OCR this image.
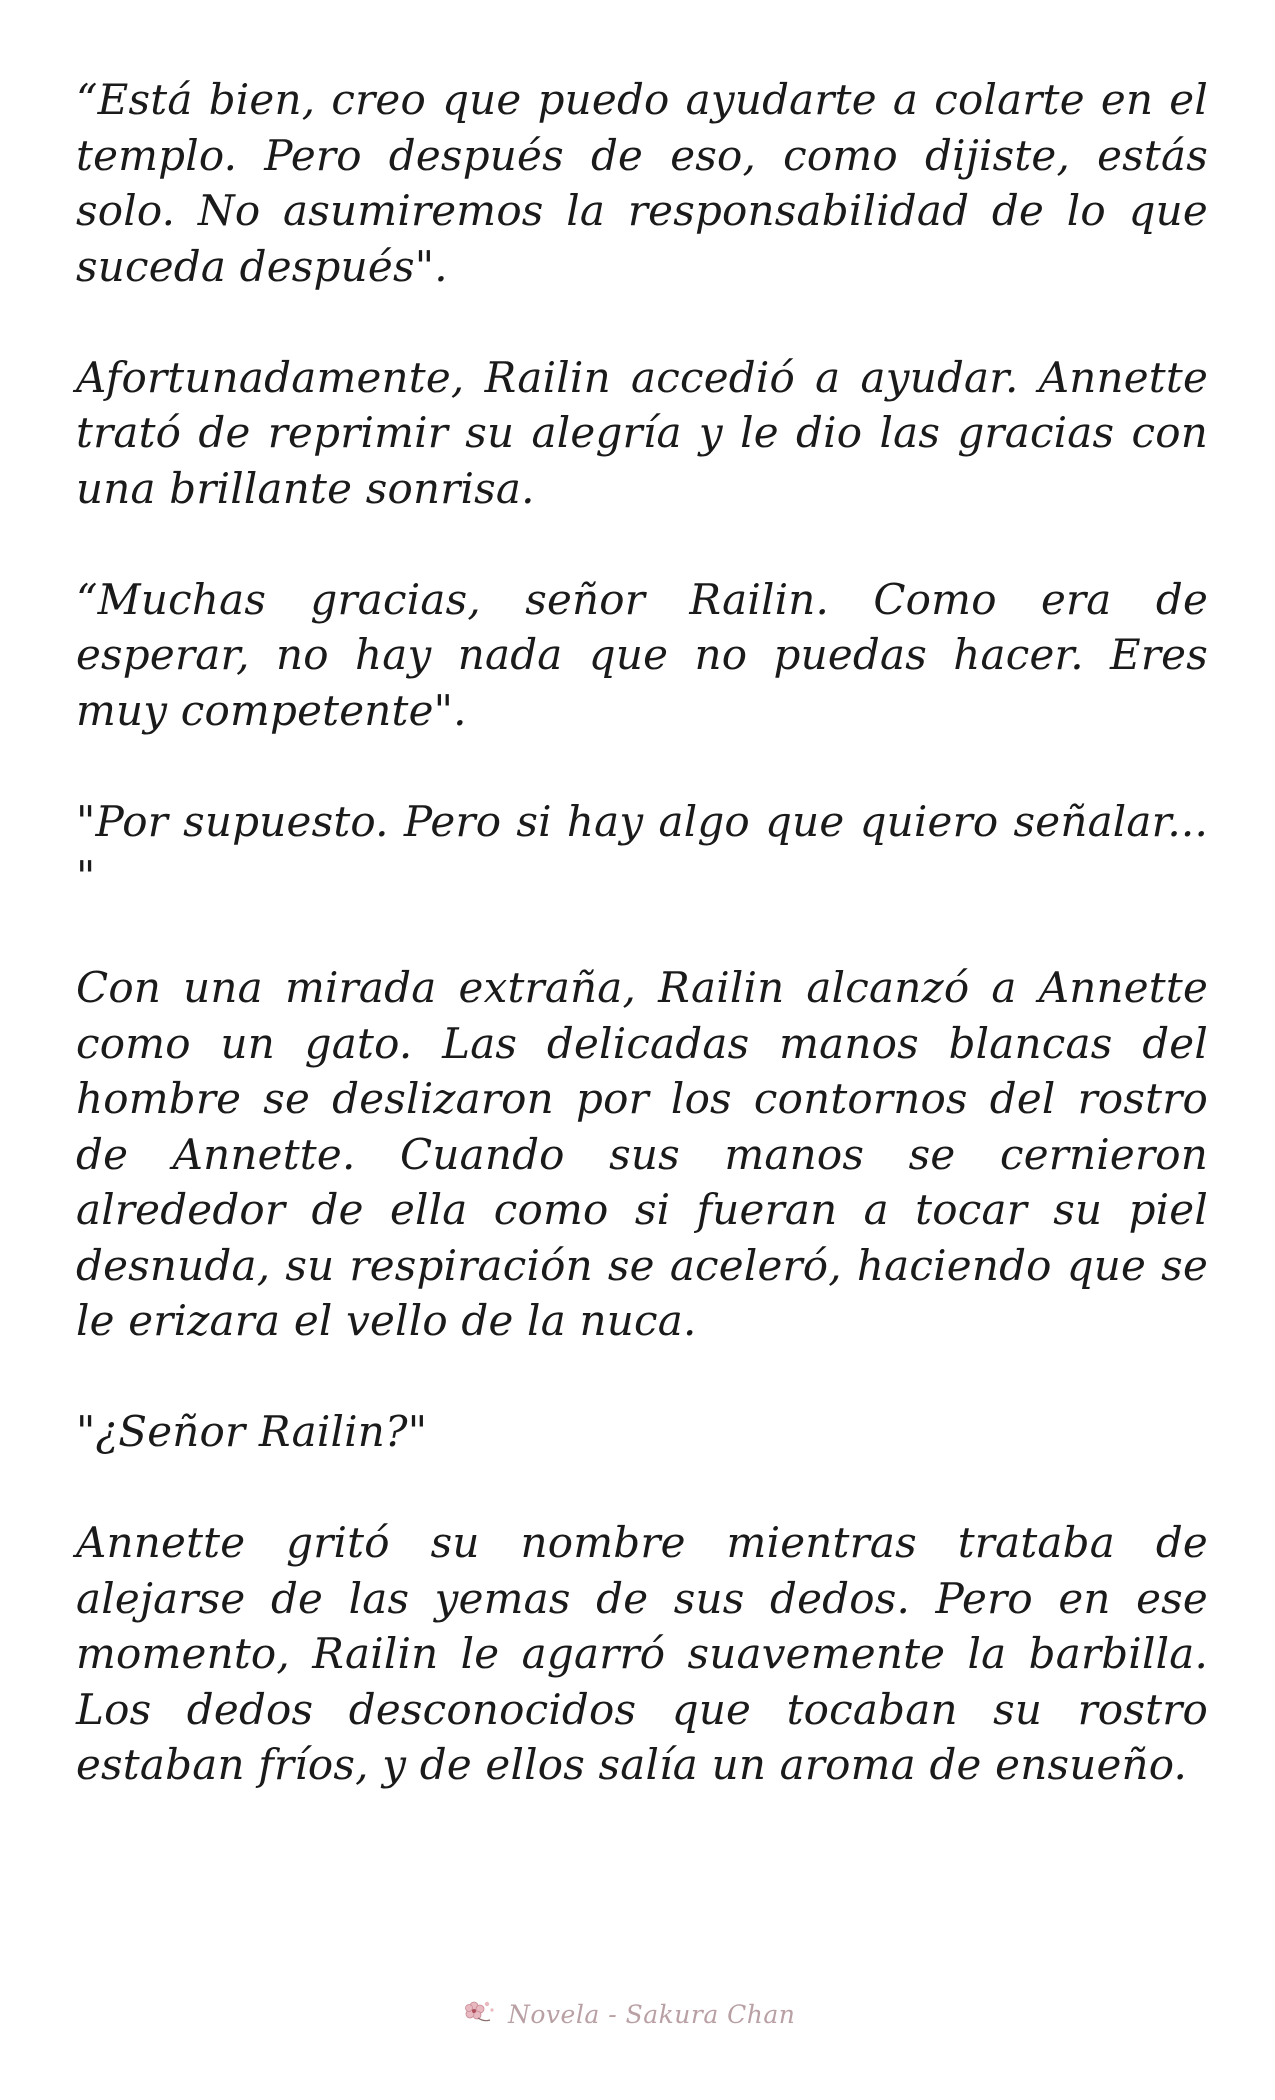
“Está bien, creo que puedo ayudarte a colarte en el templo. Pero después de eso, como dijiste, estás solo. No asumiremos la responsabilidad de lo que suceda después".

Afortunadamente, Railin accedió a ayudar. Annette trató de reprimir su alegría y le dio las gracias con una brillante sonrisa.

“Muchas gracias, señor Railin. Como era de esperar, no hay nada que no puedas hacer. Eres muy competente".

"Por supuesto. Pero si hay algo que quiero señalar... "

Con una mirada extraña, Railin alcanzó a Annette como un gato. Las delicadas manos blancas del hombre se deslizaron por los contornos del rostro de Annette. Cuando sus manos se cernieron alrededor de ella como si fueran a tocar su piel desnuda, su respiración se aceleró, haciendo que se le erizara el vello de la nuca.

"¿Señor Railin?"

Annette gritó su nombre mientras trataba de alejarse de las yemas de sus dedos. Pero en ese momento, Railin le agarró suavemente la barbilla. Los dedos desconocidos que tocaban su rostro estaban fríos, y de ellos salía un aroma de ensueño.

Novela - Sakura Chan
